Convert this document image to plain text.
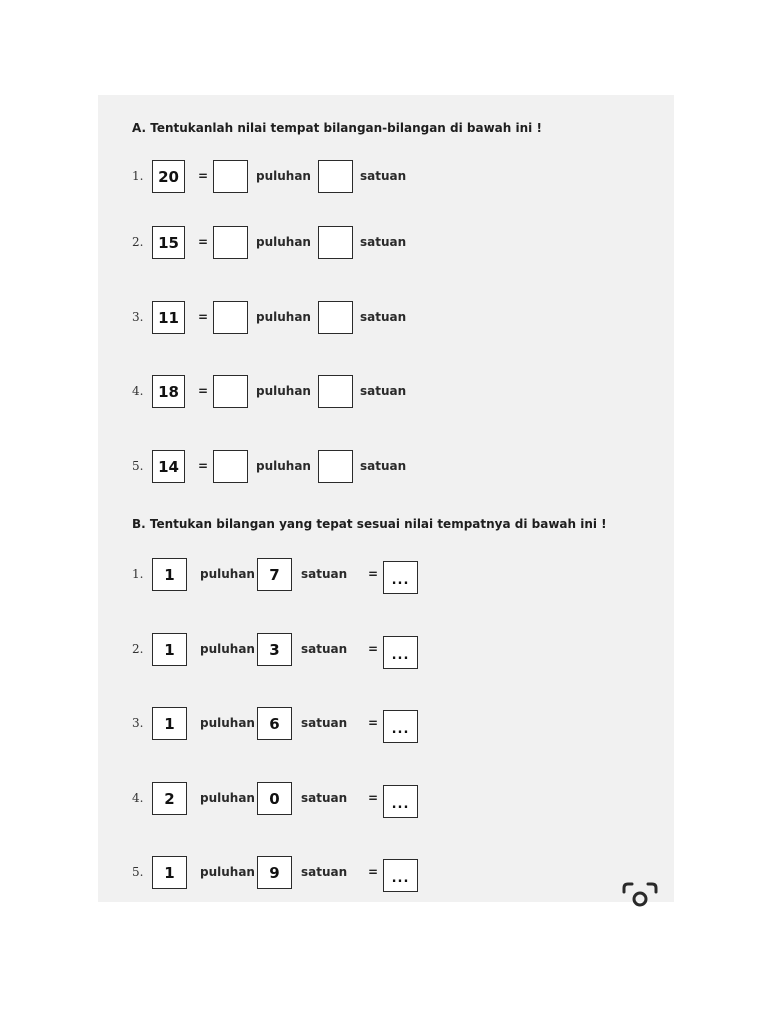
A. Tentukanlah nilai tempat bilangan-bilangan di bawah ini !
1. 20	=	puluhan	satuan
2. 15	=	puluhan	satuan
3. 11	=	puluhan	satuan
4. 18	=	puluhan	satuan
5. 14	=	puluhan	satuan
B. Tentukan bilangan yang tepat sesuai nilai tempatnya di bawah ini !
1.	1	puluhan 7	satuan =	...
2.	1	puluhan 3	satuan =	...
3.	1	puluhan 6	satuan =	...
4.	2	puluhan 0	satuan =	...
5.	1	puluhan 9	satuan =	...
